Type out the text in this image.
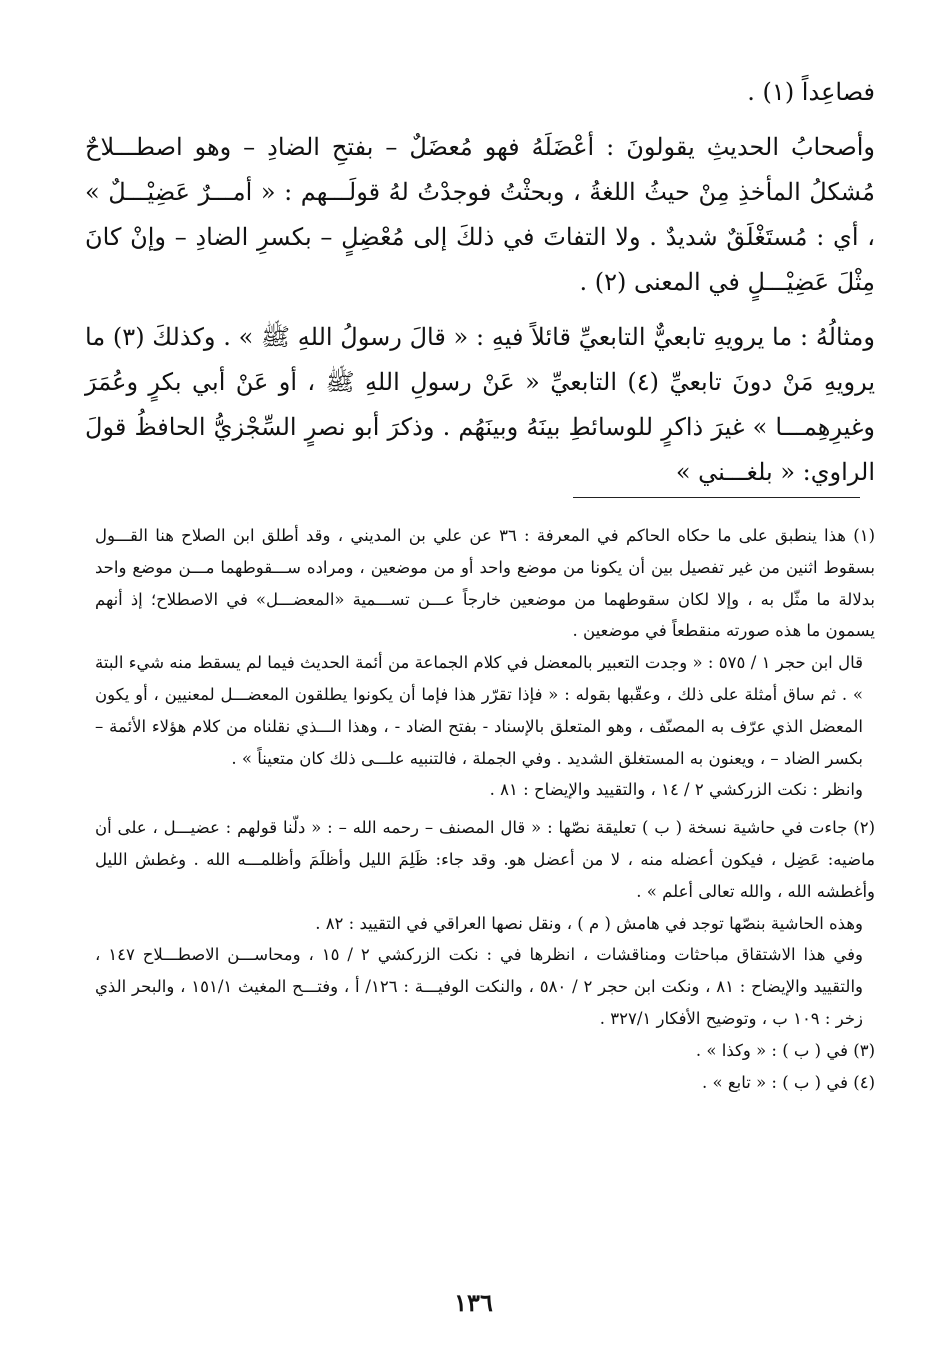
فصاعِداً (١) .

وأصحابُ الحديثِ يقولونَ : أعْضَلَهُ فهو مُعضَلٌ – بفتحِ الضادِ – وهو اصطـــلاحٌ مُشكلُ المأخذِ مِنْ حيثُ اللغةُ ، وبحثْتُ فوجدْتُ لهُ قولَـــهم : « أمـــرٌ عَضِيْـــلٌ » ، أي : مُستَغْلَقٌ شديدٌ . ولا التفاتَ في ذلكَ إلى مُعْضِلٍ – بكسرِ الضادِ – وإنْ كانَ مِثْلَ عَضِيْـــلٍ في المعنى (٢) .

ومثالُهُ : ما يرويهِ تابعيٌّ التابعيِّ قائلاً فيهِ : « قالَ رسولُ اللهِ ﷺ » . وكذلكَ (٣) ما يرويهِ مَنْ دونَ تابعيِّ (٤) التابعيِّ « عَنْ رسولِ اللهِ ﷺ ، أو عَنْ أبي بكرٍ وعُمَرَ وغيرِهِمـــا » غيرَ ذاكرٍ للوسائطِ بينَهُ وبينَهُم . وذكرَ أبو نصرٍ السِّجْزيُّ الحافظُ قولَ الراوي: « بلغـــني »

(١) هذا ينطبق على ما حكاه الحاكم في المعرفة : ٣٦ عن علي بن المديني ، وقد أطلق ابن الصلاح هنا القـــول بسقوط اثنين من غير تفصيل بين أن يكونا من موضع واحد أو من موضعين ، ومراده ســـقوطهما مـــن موضع واحد بدلالة ما مثّل به ، وإلا لكان سقوطهما من موضعين خارجاً عـــن تســـمية «المعضـــل» في الاصطلاح؛ إذ أنهم يسمون ما هذه صورته منقطعاً في موضعين .

قال ابن حجر ١ / ٥٧٥ : « وجدت التعبير بالمعضل في كلام الجماعة من أئمة الحديث فيما لم يسقط منه شيء البتة » . ثم ساق أمثلة على ذلك ، وعقّبها بقوله : « فإذا تقرّر هذا فإما أن يكونوا يطلقون المعضـــل لمعنيين ، أو يكون المعضل الذي عرّف به المصنّف ، وهو المتعلق بالإسناد - بفتح الضاد - ، وهذا الـــذي نقلناه من كلام هؤلاء الأئمة – بكسر الضاد – ، ويعنون به المستغلق الشديد . وفي الجملة ، فالتنبيه علـــى ذلك كان متعيناً » .

وانظر : نكت الزركشي ٢ / ١٤ ، والتقييد والإيضاح : ٨١ .

(٢) جاءت في حاشية نسخة ( ب ) تعليقة نصّها : « قال المصنف – رحمه الله – : « دلّنا قولهم : عضيـــل ، على أن ماضيه: عَضِل ، فيكون أعضله منه ، لا من أعضل هو. وقد جاء: ظَلِمَ الليل وأظلَمَ وأظلمـــه الله . وغطش الليل وأغطشه الله ، والله تعالى أعلم » .

وهذه الحاشية بنصّها توجد في هامش ( م ) ، ونقل نصها العراقي في التقييد : ٨٢ .

وفي هذا الاشتقاق مباحثات ومناقشات ، انظرها في : نكت الزركشي ٢ / ١٥ ، ومحاســـن الاصطـــلاح ١٤٧ ، والتقييد والإيضاح : ٨١ ، ونكت ابن حجر ٢ / ٥٨٠ ، والنكت الوفيـــة : ١٢٦/ أ ، وفتـــح المغيث ١٥١/١ ، والبحر الذي زخر : ١٠٩ ب ، وتوضيح الأفكار ٣٢٧/١ .

(٣) في ( ب ) : « وكذا » .

(٤) في ( ب ) : « تابع » .

١٣٦
